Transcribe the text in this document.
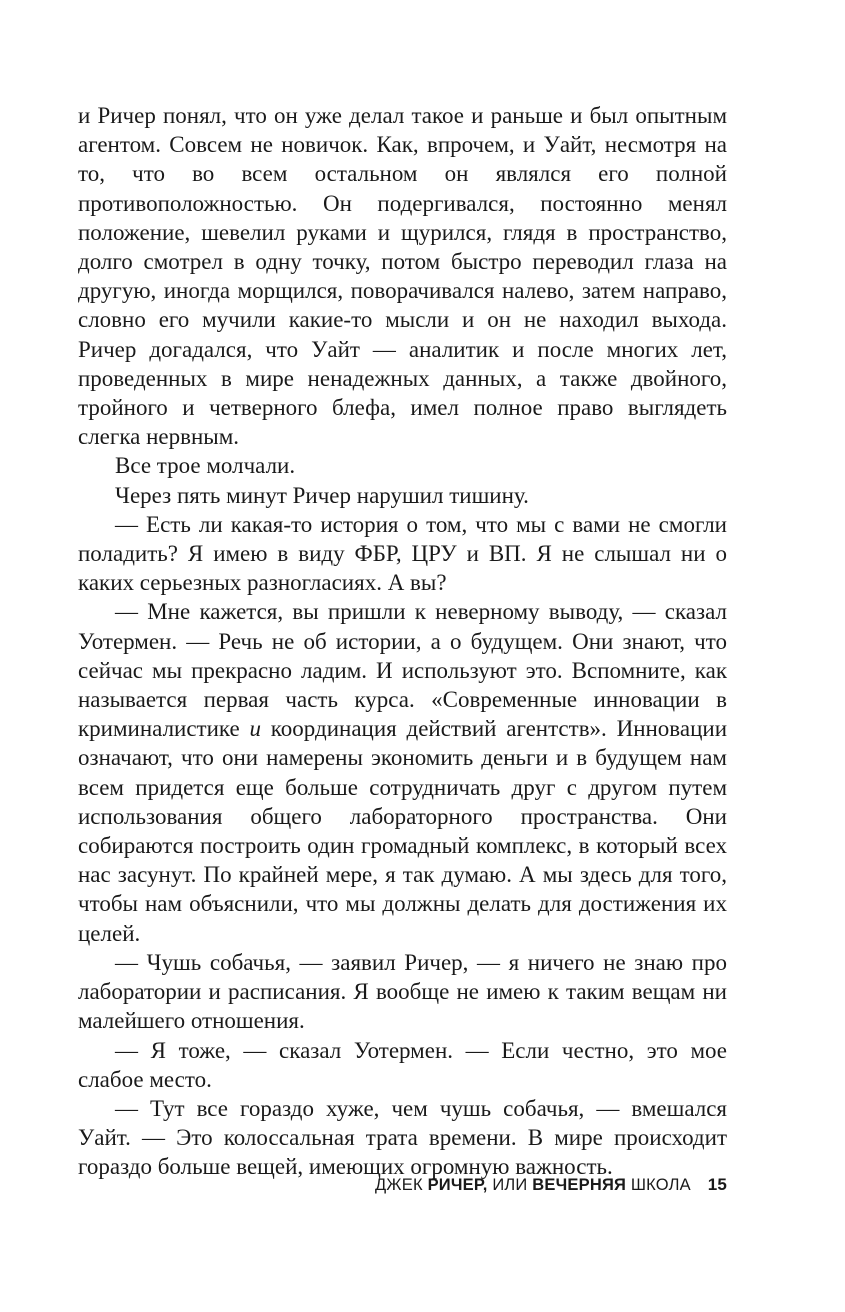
и Ричер понял, что он уже делал такое и раньше и был опытным агентом. Совсем не новичок. Как, впрочем, и Уайт, несмотря на то, что во всем остальном он являлся его полной противоположностью. Он подергивался, постоянно менял положение, шевелил руками и щурился, глядя в пространство, долго смотрел в одну точку, потом быстро переводил глаза на другую, иногда морщился, поворачивался налево, затем направо, словно его мучили какие-то мысли и он не находил выхода. Ричер догадался, что Уайт — аналитик и после многих лет, проведенных в мире ненадежных данных, а также двойного, тройного и четверного блефа, имел полное право выглядеть слегка нервным.

Все трое молчали.

Через пять минут Ричер нарушил тишину.

— Есть ли какая-то история о том, что мы с вами не смогли поладить? Я имею в виду ФБР, ЦРУ и ВП. Я не слышал ни о каких серьезных разногласиях. А вы?

— Мне кажется, вы пришли к неверному выводу, — сказал Уотермен. — Речь не об истории, а о будущем. Они знают, что сейчас мы прекрасно ладим. И используют это. Вспомните, как называется первая часть курса. «Современные инновации в криминалистике и координация действий агентств». Инновации означают, что они намерены экономить деньги и в будущем нам всем придется еще больше сотрудничать друг с другом путем использования общего лабораторного пространства. Они собираются построить один громадный комплекс, в который всех нас засунут. По крайней мере, я так думаю. А мы здесь для того, чтобы нам объяснили, что мы должны делать для достижения их целей.

— Чушь собачья, — заявил Ричер, — я ничего не знаю про лаборатории и расписания. Я вообще не имею к таким вещам ни малейшего отношения.

— Я тоже, — сказал Уотермен. — Если честно, это мое слабое место.

— Тут все гораздо хуже, чем чушь собачья, — вмешался Уайт. — Это колоссальная трата времени. В мире происходит гораздо больше вещей, имеющих огромную важность.

ДЖЕК РИЧЕР, ИЛИ ВЕЧЕРНЯЯ ШКОЛА 15
